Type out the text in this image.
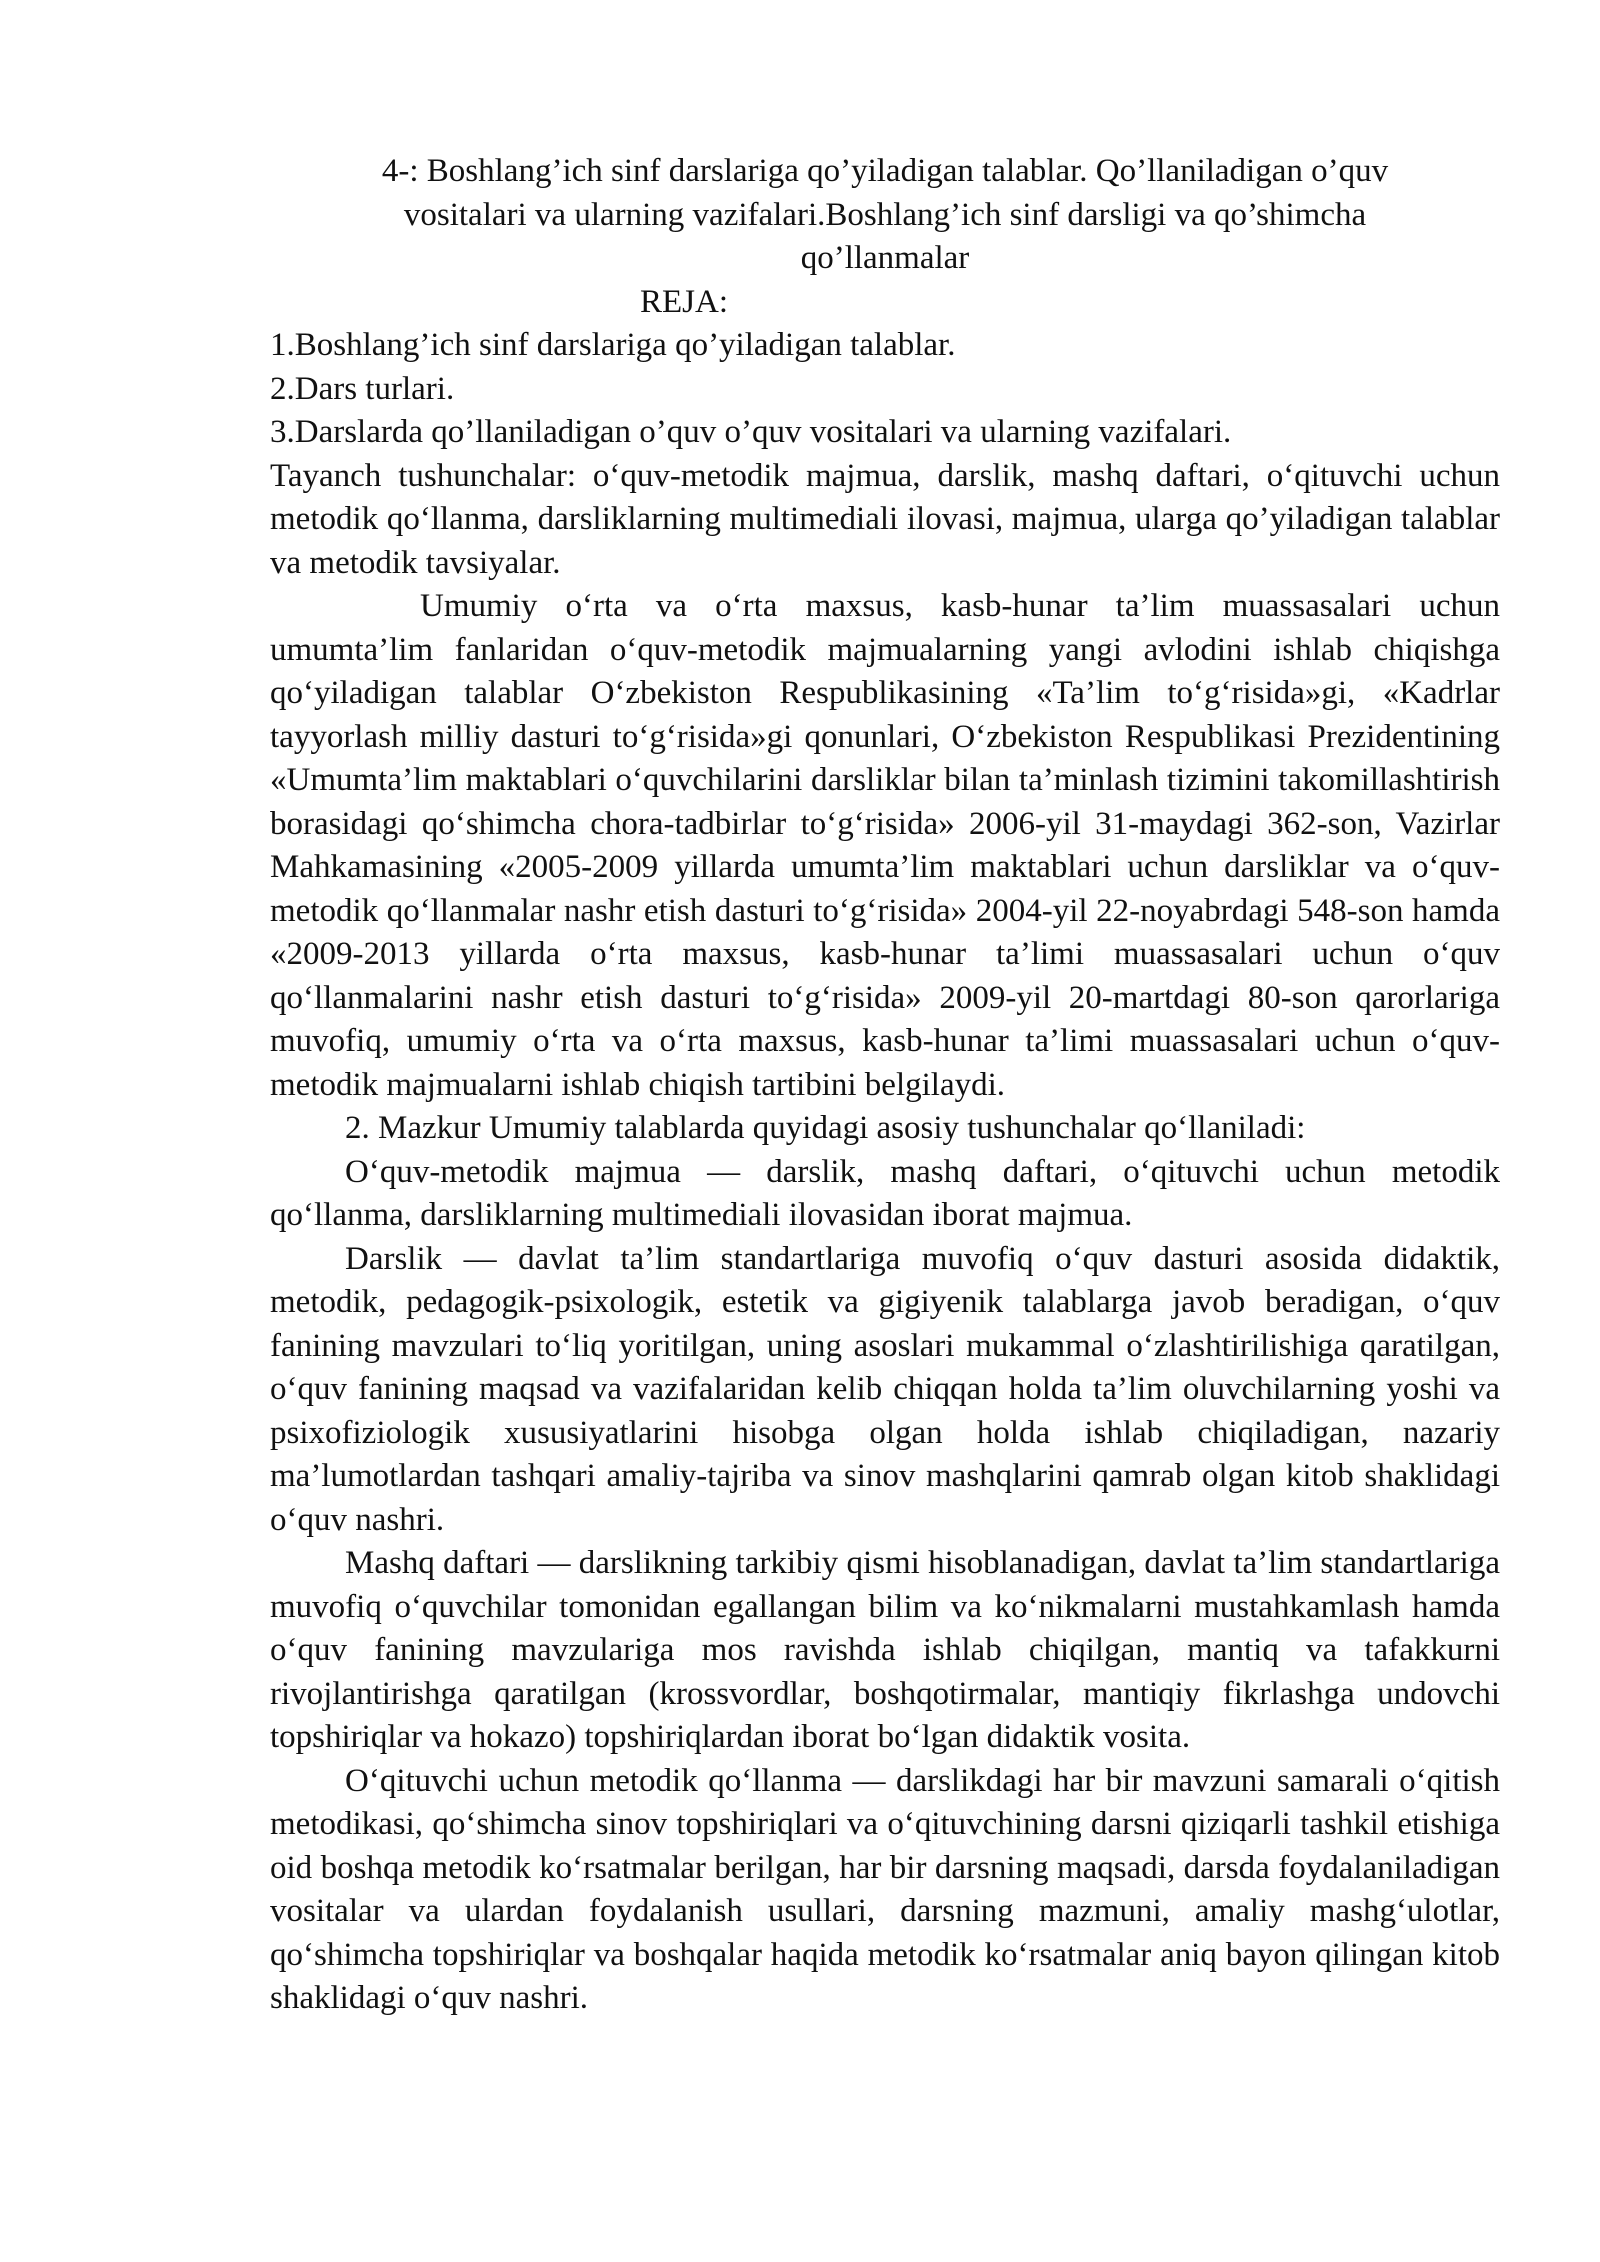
4-: Boshlang’ich sinf darslariga qo’yiladigan talablar. Qo’llaniladigan o’quv
vositalari va ularning vazifalari.Boshlang’ich sinf darsligi va qo’shimcha
qo’llanmalar

REJA:

1.Boshlang’ich sinf darslariga qo’yiladigan talablar.

2.Dars turlari.

3.Darslarda qo’llaniladigan o’quv o’quv vositalari va ularning vazifalari.

Tayanch tushunchalar: o‘quv-metodik majmua, darslik, mashq daftari, o‘qituvchi uchun metodik qo‘llanma, darsliklarning multimediali ilovasi, majmua, ularga qo’yiladigan talablar va metodik tavsiyalar.

Umumiy o‘rta va o‘rta maxsus, kasb-hunar ta’lim muassasalari uchun umumta’lim fanlaridan o‘quv-metodik majmualarning yangi avlodini ishlab chiqishga qo‘yiladigan talablar O‘zbekiston Respublikasining «Ta’lim to‘g‘risida»gi, «Kadrlar tayyorlash milliy dasturi to‘g‘risida»gi qonunlari, O‘zbekiston Respublikasi Prezidentining «Umumta’lim maktablari o‘quvchilarini darsliklar bilan ta’minlash tizimini takomillashtirish borasidagi qo‘shimcha chora-tadbirlar to‘g‘risida» 2006-yil 31-maydagi 362-son, Vazirlar Mahkamasining «2005-2009 yillarda umumta’lim maktablari uchun darsliklar va o‘quv-metodik qo‘llanmalar nashr etish dasturi to‘g‘risida» 2004-yil 22-noyabrdagi 548-son hamda «2009-2013 yillarda o‘rta maxsus, kasb-hunar ta’limi muassasalari uchun o‘quv qo‘llanmalarini nashr etish dasturi to‘g‘risida» 2009-yil 20-martdagi 80-son qarorlariga muvofiq, umumiy o‘rta va o‘rta maxsus, kasb-hunar ta’limi muassasalari uchun o‘quv-metodik majmualarni ishlab chiqish tartibini belgilaydi.

2. Mazkur Umumiy talablarda quyidagi asosiy tushunchalar qo‘llaniladi:

O‘quv-metodik majmua — darslik, mashq daftari, o‘qituvchi uchun metodik qo‘llanma, darsliklarning multimediali ilovasidan iborat majmua.

Darslik — davlat ta’lim standartlariga muvofiq o‘quv dasturi asosida didaktik, metodik, pedagogik-psixologik, estetik va gigiyenik talablarga javob beradigan, o‘quv fanining mavzulari to‘liq yoritilgan, uning asoslari mukammal o‘zlashtirilishiga qaratilgan, o‘quv fanining maqsad va vazifalaridan kelib chiqqan holda ta’lim oluvchilarning yoshi va psixofiziologik xususiyatlarini hisobga olgan holda ishlab chiqiladigan, nazariy ma’lumotlardan tashqari amaliy-tajriba va sinov mashqlarini qamrab olgan kitob shaklidagi o‘quv nashri.

Mashq daftari — darslikning tarkibiy qismi hisoblanadigan, davlat ta’lim standartlariga muvofiq o‘quvchilar tomonidan egallangan bilim va ko‘nikmalarni mustahkamlash hamda o‘quv fanining mavzulariga mos ravishda ishlab chiqilgan, mantiq va tafakkurni rivojlantirishga qaratilgan (krossvordlar, boshqotirmalar, mantiqiy fikrlashga undovchi topshiriqlar va hokazo) topshiriqlardan iborat bo‘lgan didaktik vosita.

O‘qituvchi uchun metodik qo‘llanma — darslikdagi har bir mavzuni samarali o‘qitish metodikasi, qo‘shimcha sinov topshiriqlari va o‘qituvchining darsni qiziqarli tashkil etishiga oid boshqa metodik ko‘rsatmalar berilgan, har bir darsning maqsadi, darsda foydalaniladigan vositalar va ulardan foydalanish usullari, darsning mazmuni, amaliy mashg‘ulotlar, qo‘shimcha topshiriqlar va boshqalar haqida metodik ko‘rsatmalar aniq bayon qilingan kitob shaklidagi o‘quv nashri.
